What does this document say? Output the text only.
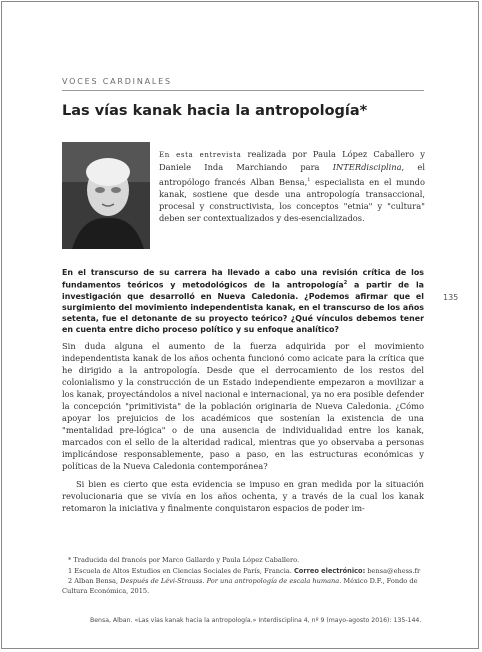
VOCES CARDINALES
Las vías kanak hacia la antropología*
En esta entrevista realizada por Paula López Caballero y Daniele Inda Marchiando para INTERdisciplina, el antropólogo francés Alban Bensa,$^1$ especialista en el mundo kanak, sostiene que desde una antropología transaccional, procesal y constructivista, los conceptos "etnia" y "cultura" deben ser contextualizados y des-esencializados.
En el transcurso de su carrera ha llevado a cabo una revisión crítica de los fundamentos teóricos y metodológicos de la antropología$^2$ a partir de la investigación que desarrolló en Nueva Caledonia. ¿Podemos afirmar que el surgimiento del movimiento independentista kanak, en el transcurso de los años setenta, fue el detonante de su proyecto teórico? ¿Qué vínculos debemos tener en cuenta entre dicho proceso político y su enfoque analítico?
135

Sin duda alguna el aumento de la fuerza adquirida por el movimiento independentista kanak de los años ochenta funcionó como acicate para la crítica que he dirigido a la antropología. Desde que el derrocamiento de los restos del colonialismo y la construcción de un Estado independiente empezaron a movilizar a los kanak, proyectándolos a nivel nacional e internacional, ya no era posible defender la concepción "primitivista" de la población originaria de Nueva Caledonia. ¿Cómo apoyar los prejuicios de los académicos que sostenían la existencia de una "mentalidad pre-lógica" o de una ausencia de individualidad entre los kanak, marcados con el sello de la alteridad radical, mientras que yo observaba a personas implicándose responsablemente, paso a paso, en las estructuras económicas y políticas de la Nueva Caledonia contemporánea?

Si bien es cierto que esta evidencia se impuso en gran medida por la situación revolucionaria que se vivía en los años ochenta, y a través de la cual los kanak retomaron la iniciativa y finalmente conquistaron espacios de poder im-

* Traducida del francés por Marco Gallardo y Paula López Caballero.

1 Escuela de Altos Estudios en Ciencias Sociales de París, Francia. Correo electrónico: bensa@ehess.fr

2 Alban Bensa, Después de Lévi-Strauss. Por una antropología de escala humana. México D.F., Fondo de Cultura Económica, 2015.

Bensa, Alban. «Las vías kanak hacia la antropología.» Interdisciplina 4, nº 9 (mayo-agosto 2016): 135-144.
